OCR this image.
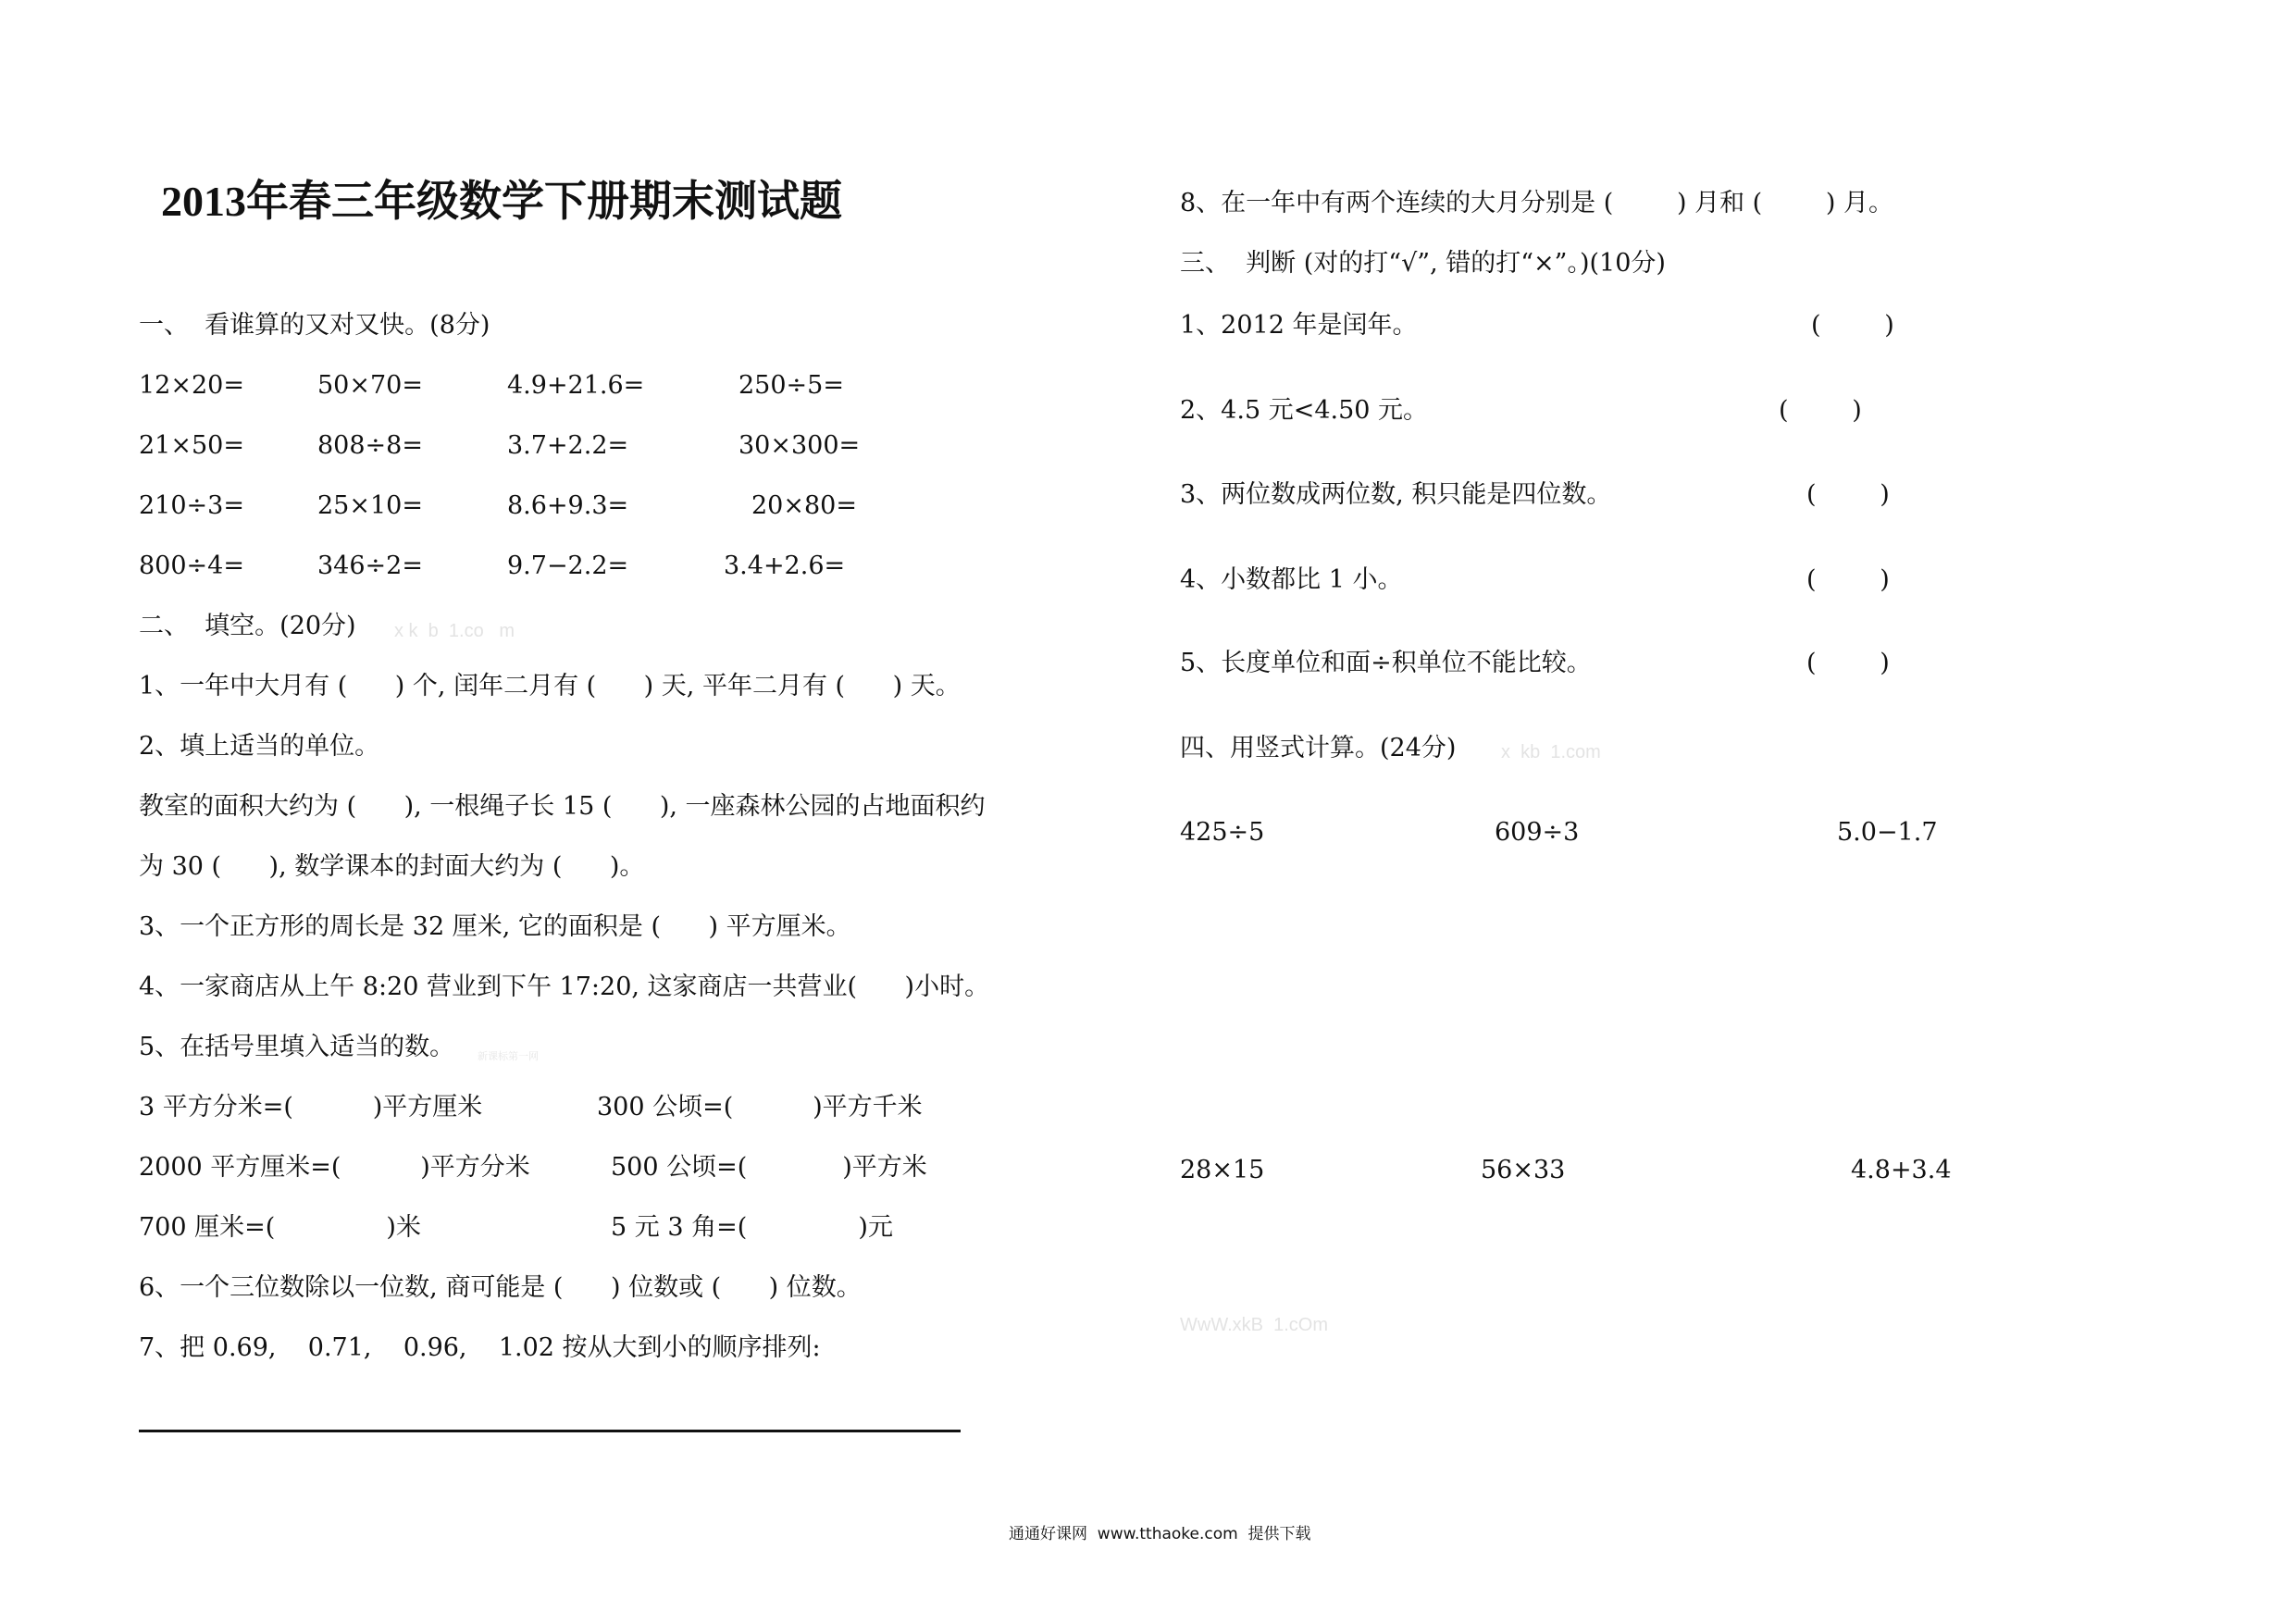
2013年春三年级数学下册期末测试题
一、  看谁算的又对又快。(8分)
12×20=	50×70=	4.9+21.6=	250÷5=
21×50=	808÷8=	3.7+2.2=	30×300=
210÷3=	25×10=	8.6+9.3=	20×80=
800÷4=	346÷2=	9.7−2.2=	3.4+2.6=
二、  填空。(20分) x k  b  1.co   m
1、一年中大月有 (      ) 个, 闰年二月有 (      ) 天, 平年二月有 (      ) 天。
2、填上适当的单位。
教室的面积大约为 (      ), 一根绳子长 15 (      ), 一座森林公园的占地面积约
为 30 (      ), 数学课本的封面大约为 (      )。
3、一个正方形的周长是 32 厘米, 它的面积是 (      ) 平方厘米。
4、一家商店从上午 8:20 营业到下午 17:20, 这家商店一共营业(      )小时。
5、在括号里填入适当的数。 新课标第一网
3 平方分米=(          )平方厘米	300 公顷=(          )平方千米
2000 平方厘米=(          )平方分米	500 公顷=(            )平方米
700 厘米=(              )米	5 元 3 角=(              )元
6、一个三位数除以一位数, 商可能是 (      ) 位数或 (      ) 位数。
7、把 0.69,    0.71,    0.96,    1.02 按从大到小的顺序排列:
8、在一年中有两个连续的大月分别是 (        ) 月和 (        ) 月。
三、  判断 (对的打“√”, 错的打“×”。)(10分)
1、2012 年是闰年。	(        )
2、4.5 元<4.50 元。	(        )
3、两位数成两位数, 积只能是四位数。	(        )
4、小数都比 1 小。	(        )
5、长度单位和面÷积单位不能比较。	(        )
四、用竖式计算。(24分) x  kb  1.com
425÷5	609÷3	5.0−1.7
28×15	56×33	4.8+3.4
WwW.xkB  1.cOm
通通好课网  www.tthaoke.com  提供下载
